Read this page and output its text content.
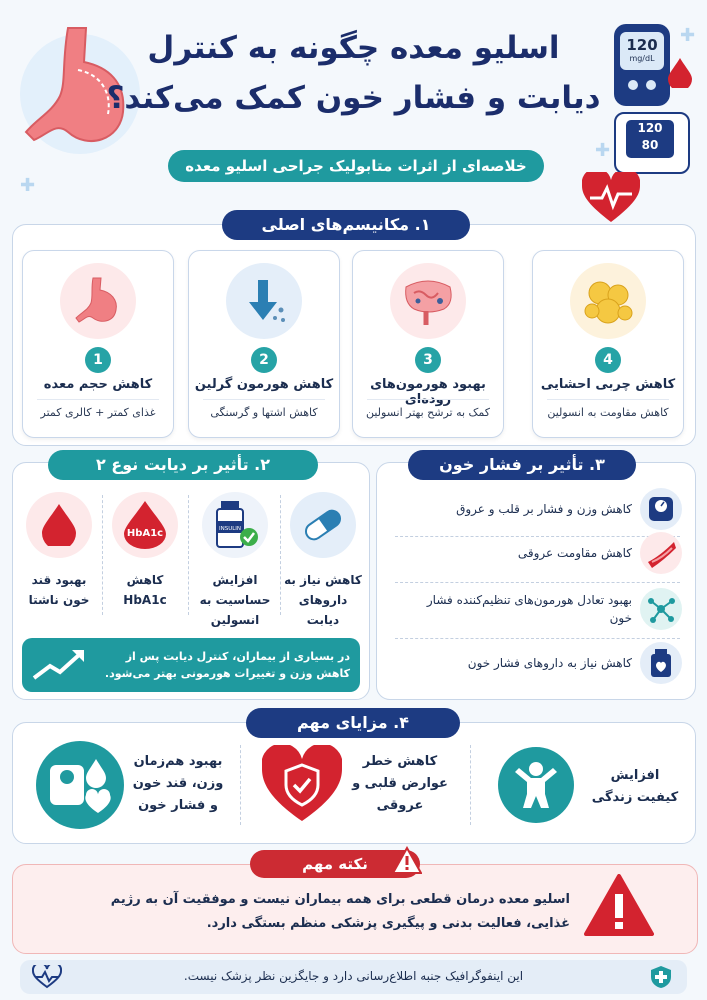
✚
✚
✚
120
mg/dL
120
80
اسلیو معده چگونه به کنترل
دیابت و فشار خون کمک می‌کند؟
خلاصه‌ای از اثرات متابولیک جراحی اسلیو معده
۱. مکانیسم‌های اصلی
1
کاهش حجم معده
غذای کمتر + کالری کمتر
2
کاهش هورمون گرلین
کاهش اشتها و گرسنگی
3
بهبود هورمون‌های روده‌ای
کمک به ترشح بهتر انسولین
4
کاهش چربی احشایی
کاهش مقاومت به انسولین
۲. تأثیر بر دیابت نوع ۲
بهبود قند خون ناشتا
HbA1c
کاهش HbA1c
INSULIN
افزایش حساسیت به انسولین
کاهش نیاز به داروهای دیابت
در بسیاری از بیماران، کنترل دیابت پس از کاهش وزن و تغییرات هورمونی بهتر می‌شود.
۳. تأثیر بر فشار خون
کاهش وزن و فشار بر قلب و عروق
کاهش مقاومت عروقی
بهبود تعادل هورمون‌های تنظیم‌کننده فشار خون
کاهش نیاز به داروهای فشار خون
۴. مزایای مهم
افزایش کیفیت زندگی
کاهش خطر عوارض قلبی و عروقی
بهبود هم‌زمان وزن، قند خون و فشار خون
نکته مهم
اسلیو معده درمان قطعی برای همه بیماران نیست و موفقیت آن به رژیم غذایی، فعالیت بدنی و پیگیری پزشکی منظم بستگی دارد.
این اینفوگرافیک جنبه اطلاع‌رسانی دارد و جایگزین نظر پزشک نیست.
